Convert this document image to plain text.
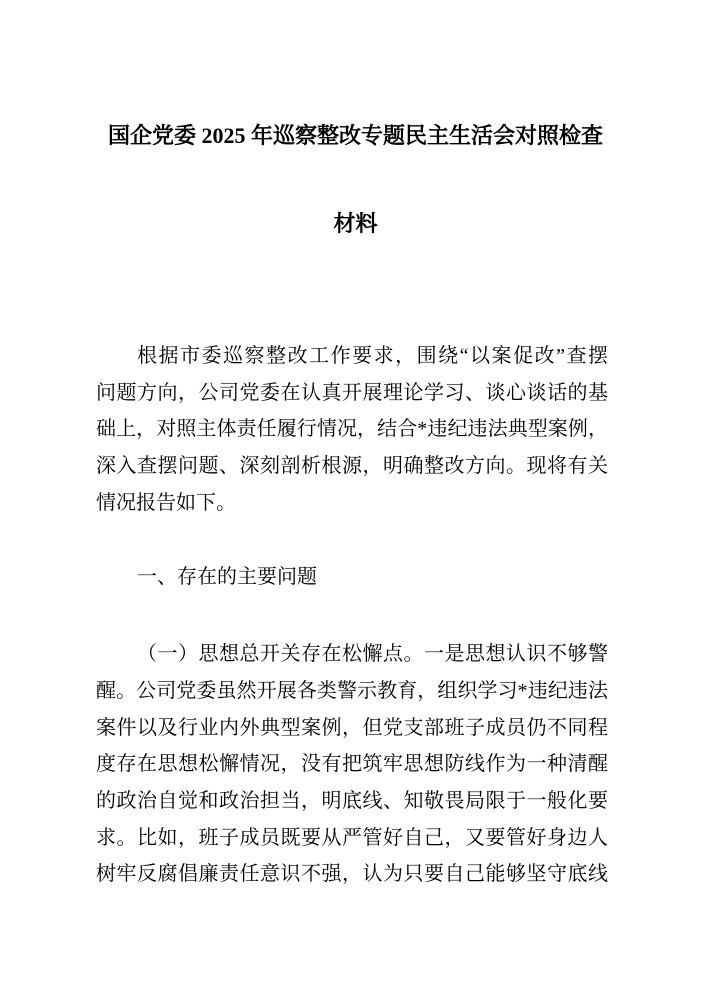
国企党委 2025 年巡察整改专题民主生活会对照检查
材料
根据市委巡察整改工作要求，围绕“以案促改”查摆
问题方向，公司党委在认真开展理论学习、谈心谈话的基
础上，对照主体责任履行情况，结合*违纪违法典型案例，
深入查摆问题、深刻剖析根源，明确整改方向。现将有关
情况报告如下。
一、存在的主要问题
（一）思想总开关存在松懈点。一是思想认识不够警
醒。公司党委虽然开展各类警示教育，组织学习*违纪违法
案件以及行业内外典型案例，但党支部班子成员仍不同程
度存在思想松懈情况，没有把筑牢思想防线作为一种清醒
的政治自觉和政治担当，明底线、知敬畏局限于一般化要
求。比如，班子成员既要从严管好自己，又要管好身边人
树牢反腐倡廉责任意识不强，认为只要自己能够坚守底线
